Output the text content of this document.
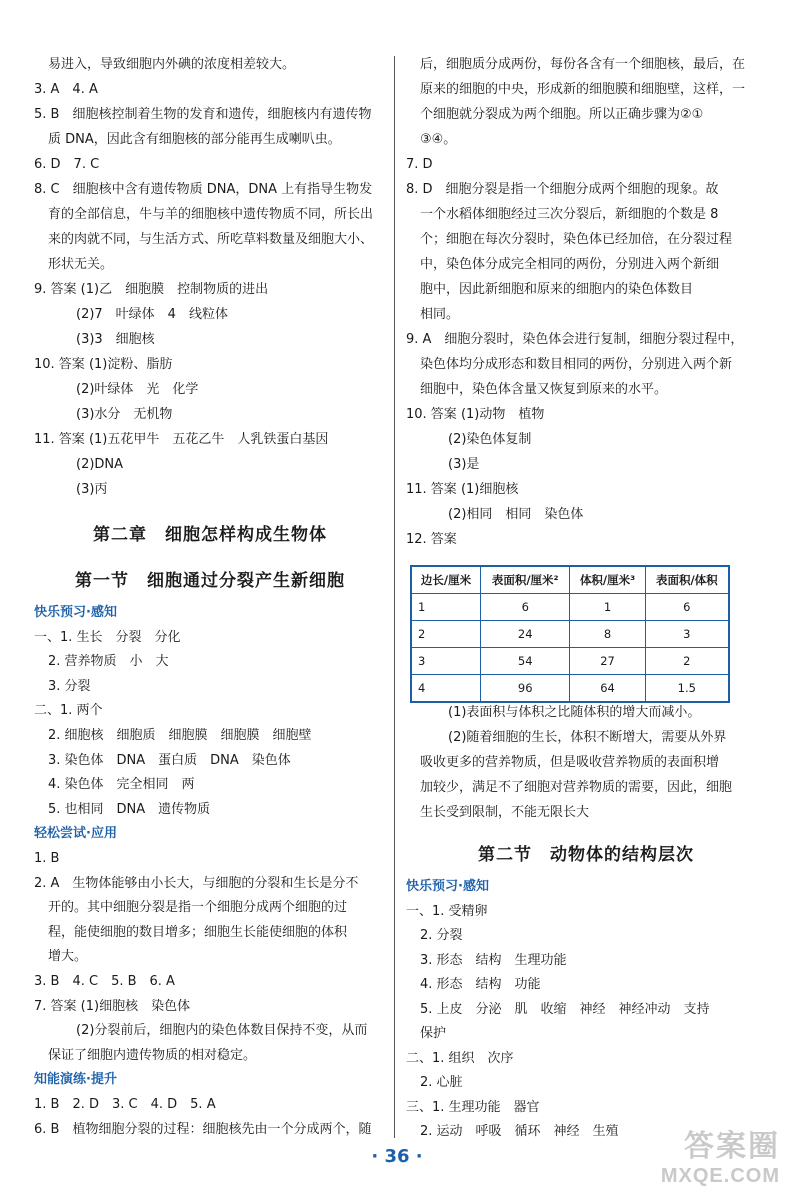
易进入，导致细胞内外碘的浓度相差较大。
3. A　4. A
5. B　细胞核控制着生物的发育和遗传，细胞核内有遗传物
质 DNA，因此含有细胞核的部分能再生成喇叭虫。
6. D　7. C
8. C　细胞核中含有遗传物质 DNA，DNA 上有指导生物发
育的全部信息，牛与羊的细胞核中遗传物质不同，所长出
来的肉就不同，与生活方式、所吃草料数量及细胞大小、
形状无关。
9. 答案 (1)乙　细胞膜　控制物质的进出
(2)7　叶绿体　4　线粒体
(3)3　细胞核
10. 答案 (1)淀粉、脂肪
(2)叶绿体　光　化学
(3)水分　无机物
11. 答案 (1)五花甲牛　五花乙牛　人乳铁蛋白基因
(2)DNA
(3)丙
第二章　细胞怎样构成生物体
第一节　细胞通过分裂产生新细胞
快乐预习·感知
一、1. 生长　分裂　分化
2. 营养物质　小　大
3. 分裂
二、1. 两个
2. 细胞核　细胞质　细胞膜　细胞膜　细胞壁
3. 染色体　DNA　蛋白质　DNA　染色体
4. 染色体　完全相同　两
5. 也相同　DNA　遗传物质
轻松尝试·应用
1. B
2. A　生物体能够由小长大，与细胞的分裂和生长是分不
开的。其中细胞分裂是指一个细胞分成两个细胞的过
程，能使细胞的数目增多；细胞生长能使细胞的体积
增大。
3. B　4. C　5. B　6. A
7. 答案 (1)细胞核　染色体
(2)分裂前后，细胞内的染色体数目保持不变，从而
保证了细胞内遗传物质的相对稳定。
知能演练·提升
1. B　2. D　3. C　4. D　5. A
6. B　植物细胞分裂的过程：细胞核先由一个分成两个，随
后，细胞质分成两份，每份各含有一个细胞核，最后，在
原来的细胞的中央，形成新的细胞膜和细胞壁，这样，一
个细胞就分裂成为两个细胞。所以正确步骤为②①
③④。
7. D
8. D　细胞分裂是指一个细胞分成两个细胞的现象。故
一个水稻体细胞经过三次分裂后，新细胞的个数是 8
个；细胞在每次分裂时，染色体已经加倍，在分裂过程
中，染色体分成完全相同的两份，分别进入两个新细
胞中，因此新细胞和原来的细胞内的染色体数目
相同。
9. A　细胞分裂时，染色体会进行复制，细胞分裂过程中，
染色体均分成形态和数目相同的两份，分别进入两个新
细胞中，染色体含量又恢复到原来的水平。
10. 答案 (1)动物　植物
(2)染色体复制
(3)是
11. 答案 (1)细胞核
(2)相同　相同　染色体
12. 答案
(1)表面积与体积之比随体积的增大而减小。
(2)随着细胞的生长，体积不断增大，需要从外界
吸收更多的营养物质，但是吸收营养物质的表面积增
加较少，满足不了细胞对营养物质的需要，因此，细胞
生长受到限制，不能无限长大
第二节　动物体的结构层次
快乐预习·感知
一、1. 受精卵
2. 分裂
3. 形态　结构　生理功能
4. 形态　结构　功能
5. 上皮　分泌　肌　收缩　神经　神经冲动　支持
保护
二、1. 组织　次序
2. 心脏
三、1. 生理功能　器官
2. 运动　呼吸　循环　神经　生殖
边长/厘米	表面积/厘米²	体积/厘米³	表面积/体积
1	6	1	6
2	24	8	3
3	54	27	2
4	96	64	1.5
· 36 ·	答案圈
MXQE.COM
